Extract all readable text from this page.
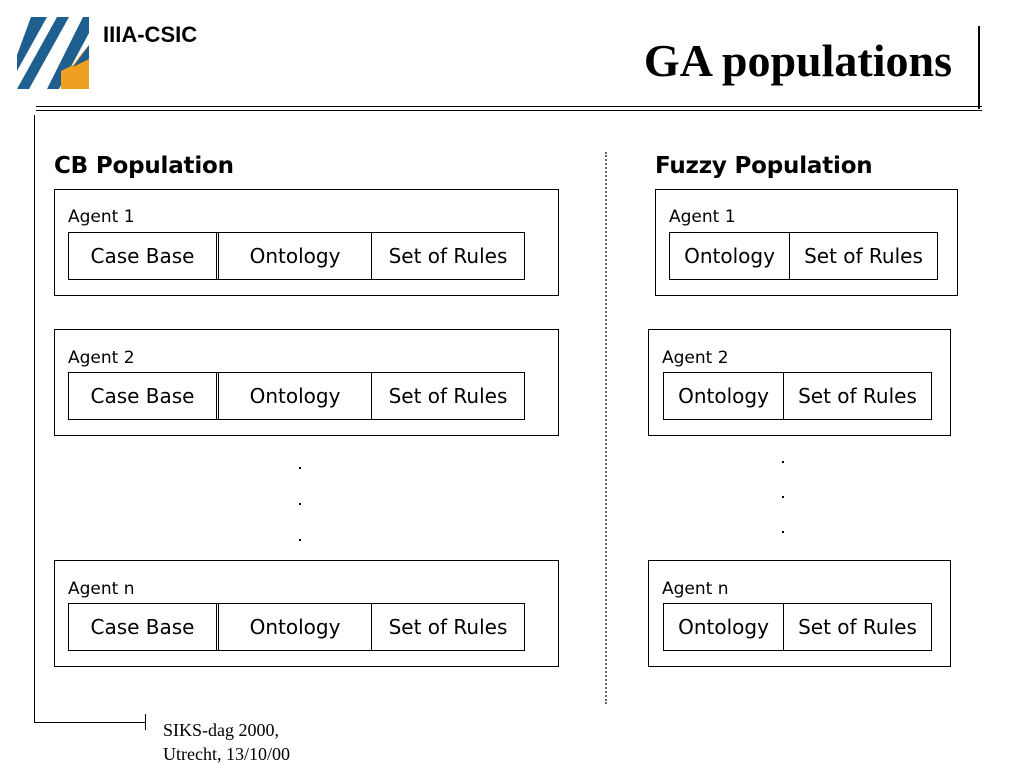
IIIA-CSIC
GA populations
CB Population
Agent 1
Case Base	Ontology	Set of Rules
Agent 2
Case Base	Ontology	Set of Rules
Agent n
Case Base	Ontology	Set of Rules
Fuzzy Population
Agent 1
Ontology	Set of Rules
Agent 2
Ontology	Set of Rules
Agent n
Ontology	Set of Rules
SIKS-dag 2000,
Utrecht, 13/10/00
